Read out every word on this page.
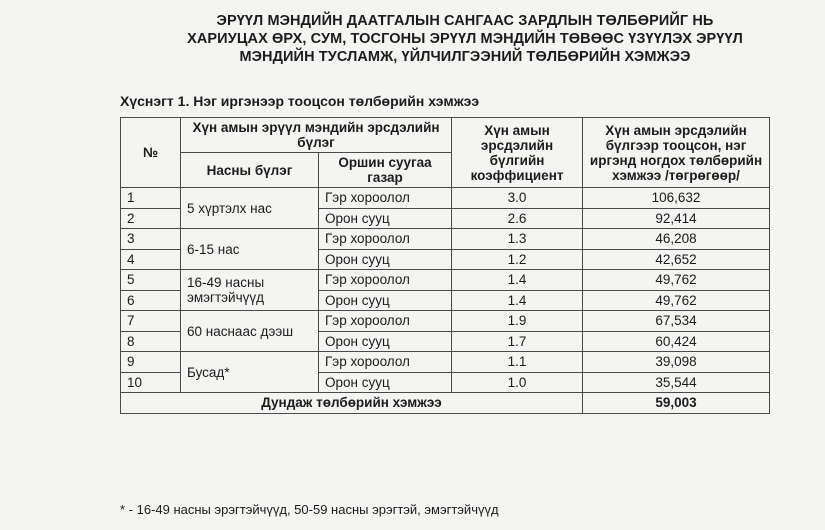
ЭРҮҮЛ МЭНДИЙН ДААТГАЛЫН САНГААС ЗАРДЛЫН ТӨЛБӨРИЙГ НЬ
ХАРИУЦАХ ӨРХ, СУМ, ТОСГОНЫ ЭРҮҮЛ МЭНДИЙН ТӨВӨӨС ҮЗҮҮЛЭХ ЭРҮҮЛ
МЭНДИЙН ТУСЛАМЖ, ҮЙЛЧИЛГЭЭНИЙ ТӨЛБӨРИЙН ХЭМЖЭЭ
Хүснэгт 1. Нэг иргэнээр тооцсон төлбөрийн хэмжээ
№	Хүн амын эрүүл мэндийн эрсдэлийн бүлэг		Хүн амын эрсдэлийн бүлгийн коэффициент	Хүн амын эрсдэлийн бүлгээр тооцсон, нэг иргэнд ногдох төлбөрийн хэмжээ /төгрөгөөр/
	Насны бүлэг	Оршин суугаа газар		
1	5 хүртэлх нас	Гэр хороолол	3.0	106,632
2		Орон сууц	2.6	92,414
3	6-15 нас	Гэр хороолол	1.3	46,208
4		Орон сууц	1.2	42,652
5	16-49 насны эмэгтэйчүүд	Гэр хороолол	1.4	49,762
6		Орон сууц	1.4	49,762
7	60 наснаас дээш	Гэр хороолол	1.9	67,534
8		Орон сууц	1.7	60,424
9	Бусад*	Гэр хороолол	1.1	39,098
10		Орон сууц	1.0	35,544
Дундаж төлбөрийн хэмжээ				59,003
* - 16-49 насны эрэгтэйчүүд, 50-59 насны эрэгтэй, эмэгтэйчүүд
